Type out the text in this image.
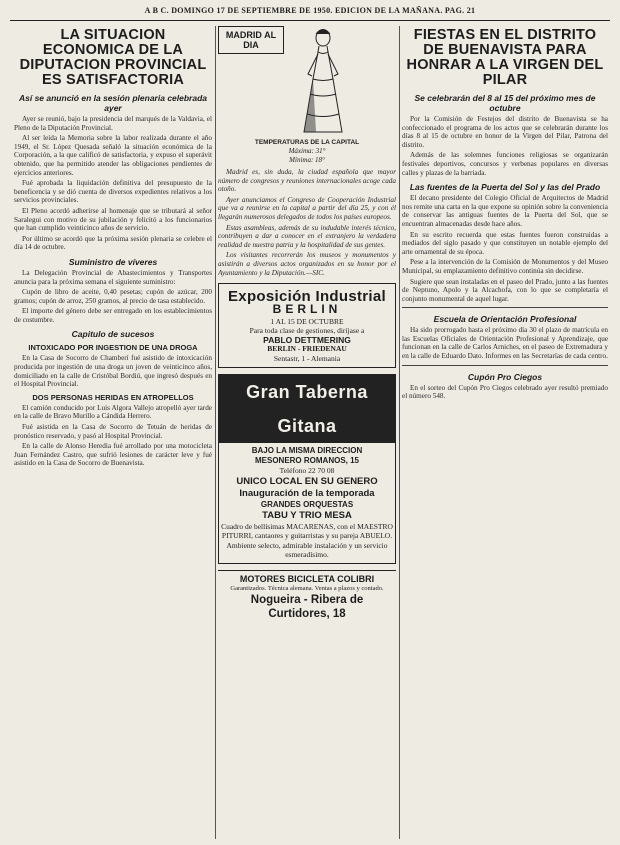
A B C. DOMINGO 17 DE SEPTIEMBRE DE 1950. EDICION DE LA MAÑANA. PAG. 21
LA SITUACION ECONOMICA DE LA DIPUTACION PROVINCIAL ES SATISFACTORIA
Así se anunció en la sesión plenaria celebrada ayer

Ayer se reunió, bajo la presidencia del marqués de la Valdavia, el Pleno de la Diputación Provincial.

Al ser leída la Memoria sobre la labor realizada durante el año 1949, el Sr. López Quesada señaló la situación económica de la Corporación, a la que calificó de satisfactoria, y expuso el superávit obtenido, que ha permitido atender las obligaciones pendientes de ejercicios anteriores.

Fué aprobada la liquidación definitiva del presupuesto de la beneficencia y se dió cuenta de diversos expedientes relativos a los servicios provinciales.

El Pleno acordó adherirse al homenaje que se tributará al señor Saralegui con motivo de su jubilación y felicitó a los funcionarios que han cumplido veinticinco años de servicio.

Por último se acordó que la próxima sesión plenaria se celebre el día 14 de octubre.

Suministro de víveres

La Delegación Provincial de Abastecimientos y Transportes anuncia para la próxima semana el siguiente suministro:

Cupón de libro de aceite, 0,40 pesetas; cupón de azúcar, 200 gramos; cupón de arroz, 250 gramos, al precio de tasa establecido.

El importe del género debe ser entregado en los establecimientos de costumbre.

Capitulo de sucesos
INTOXICADO POR INGESTION DE UNA DROGA

En la Casa de Socorro de Chamberí fué asistido de intoxicación producida por ingestión de una droga un joven de veinticinco años, domiciliado en la calle de Cristóbal Bordiú, que ingresó después en el Hospital Provincial.

DOS PERSONAS HERIDAS EN ATROPELLOS

El camión conducido por Luis Algora Vallejo atropelló ayer tarde en la calle de Bravo Murillo a Cándida Herrero.

Fué asistida en la Casa de Socorro de Tetuán de heridas de pronóstico reservado, y pasó al Hospital Provincial.

En la calle de Alonso Heredia fué arrollado por una motocicleta Juan Fernández Castro, que sufrió lesiones de carácter leve y fué asistido en la Casa de Socorro de Buenavista.

MADRID AL DIA
TEMPERATURAS DE LA CAPITAL
Máxima: 31°
Mínima: 18°

Madrid es, sin duda, la ciudad española que mayor número de congresos y reuniones internacionales acoge cada otoño.

Ayer anunciamos el Congreso de Cooperación Industrial que va a reunirse en la capital a partir del día 25, y con él llegarán numerosos delegados de todos los países europeos.

Estas asambleas, además de su indudable interés técnico, contribuyen a dar a conocer en el extranjero la verdadera realidad de nuestra patria y la hospitalidad de sus gentes.

Los visitantes recorrerán los museos y monumentos y asistirán a diversos actos organizados en su honor por el Ayuntamiento y la Diputación.—SIC.

Exposición Industrial
BERLIN
1 AL 15 DE OCTUBRE
Para toda clase de gestiones, diríjase a
PABLO DETTMERING
BERLIN - FRIEDENAU
Sentastr, 1 - Alemania
Gran Taberna Gitana
BAJO LA MISMA DIRECCION
MESONERO ROMANOS, 15
Teléfono 22 70 08
UNICO LOCAL EN SU GENERO
Inauguración de la temporada
GRANDES ORQUESTAS
TABU Y TRIO MESA
Cuadro de bellísimas MACARENAS, con el MAESTRO PITURRI, cantaores y guitarristas y su pareja ABUELO.
Ambiente selecto, admirable instalación y un servicio esmeradísimo.
MOTORES BICICLETA COLIBRI
Garantizados. Técnica alemana. Ventas a plazos y contado.
Nogueira - Ribera de Curtidores, 18
FIESTAS EN EL DISTRITO DE BUENAVISTA PARA HONRAR A LA VIRGEN DEL PILAR
Se celebrarán del 8 al 15 del próximo mes de octubre

Por la Comisión de Festejos del distrito de Buenavista se ha confeccionado el programa de los actos que se celebrarán durante los días 8 al 15 de octubre en honor de la Virgen del Pilar, Patrona del distrito.

Además de las solemnes funciones religiosas se organizarán festivales deportivos, concursos y verbenas populares en diversas calles y plazas de la barriada.

Las fuentes de la Puerta del Sol y las del Prado

El decano presidente del Colegio Oficial de Arquitectos de Madrid nos remite una carta en la que expone su opinión sobre la conveniencia de conservar las antiguas fuentes de la Puerta del Sol, que se encuentran almacenadas desde hace años.

En su escrito recuerda que estas fuentes fueron construidas a mediados del siglo pasado y que constituyen un notable ejemplo del arte ornamental de su época.

Pese a la intervención de la Comisión de Monumentos y del Museo Municipal, su emplazamiento definitivo continúa sin decidirse.

Sugiere que sean instaladas en el paseo del Prado, junto a las fuentes de Neptuno, Apolo y la Alcachofa, con lo que se completaría el conjunto monumental de aquel lugar.

Escuela de Orientación Profesional

Ha sido prorrogado hasta el próximo día 30 el plazo de matrícula en las Escuelas Oficiales de Orientación Profesional y Aprendizaje, que funcionan en la calle de Carlos Arniches, en el paseo de Extremadura y en la calle de Eduardo Dato. Informes en las Secretarías de cada centro.

Cupón Pro Ciegos

En el sorteo del Cupón Pro Ciegos celebrado ayer resultó premiado el número 548.
